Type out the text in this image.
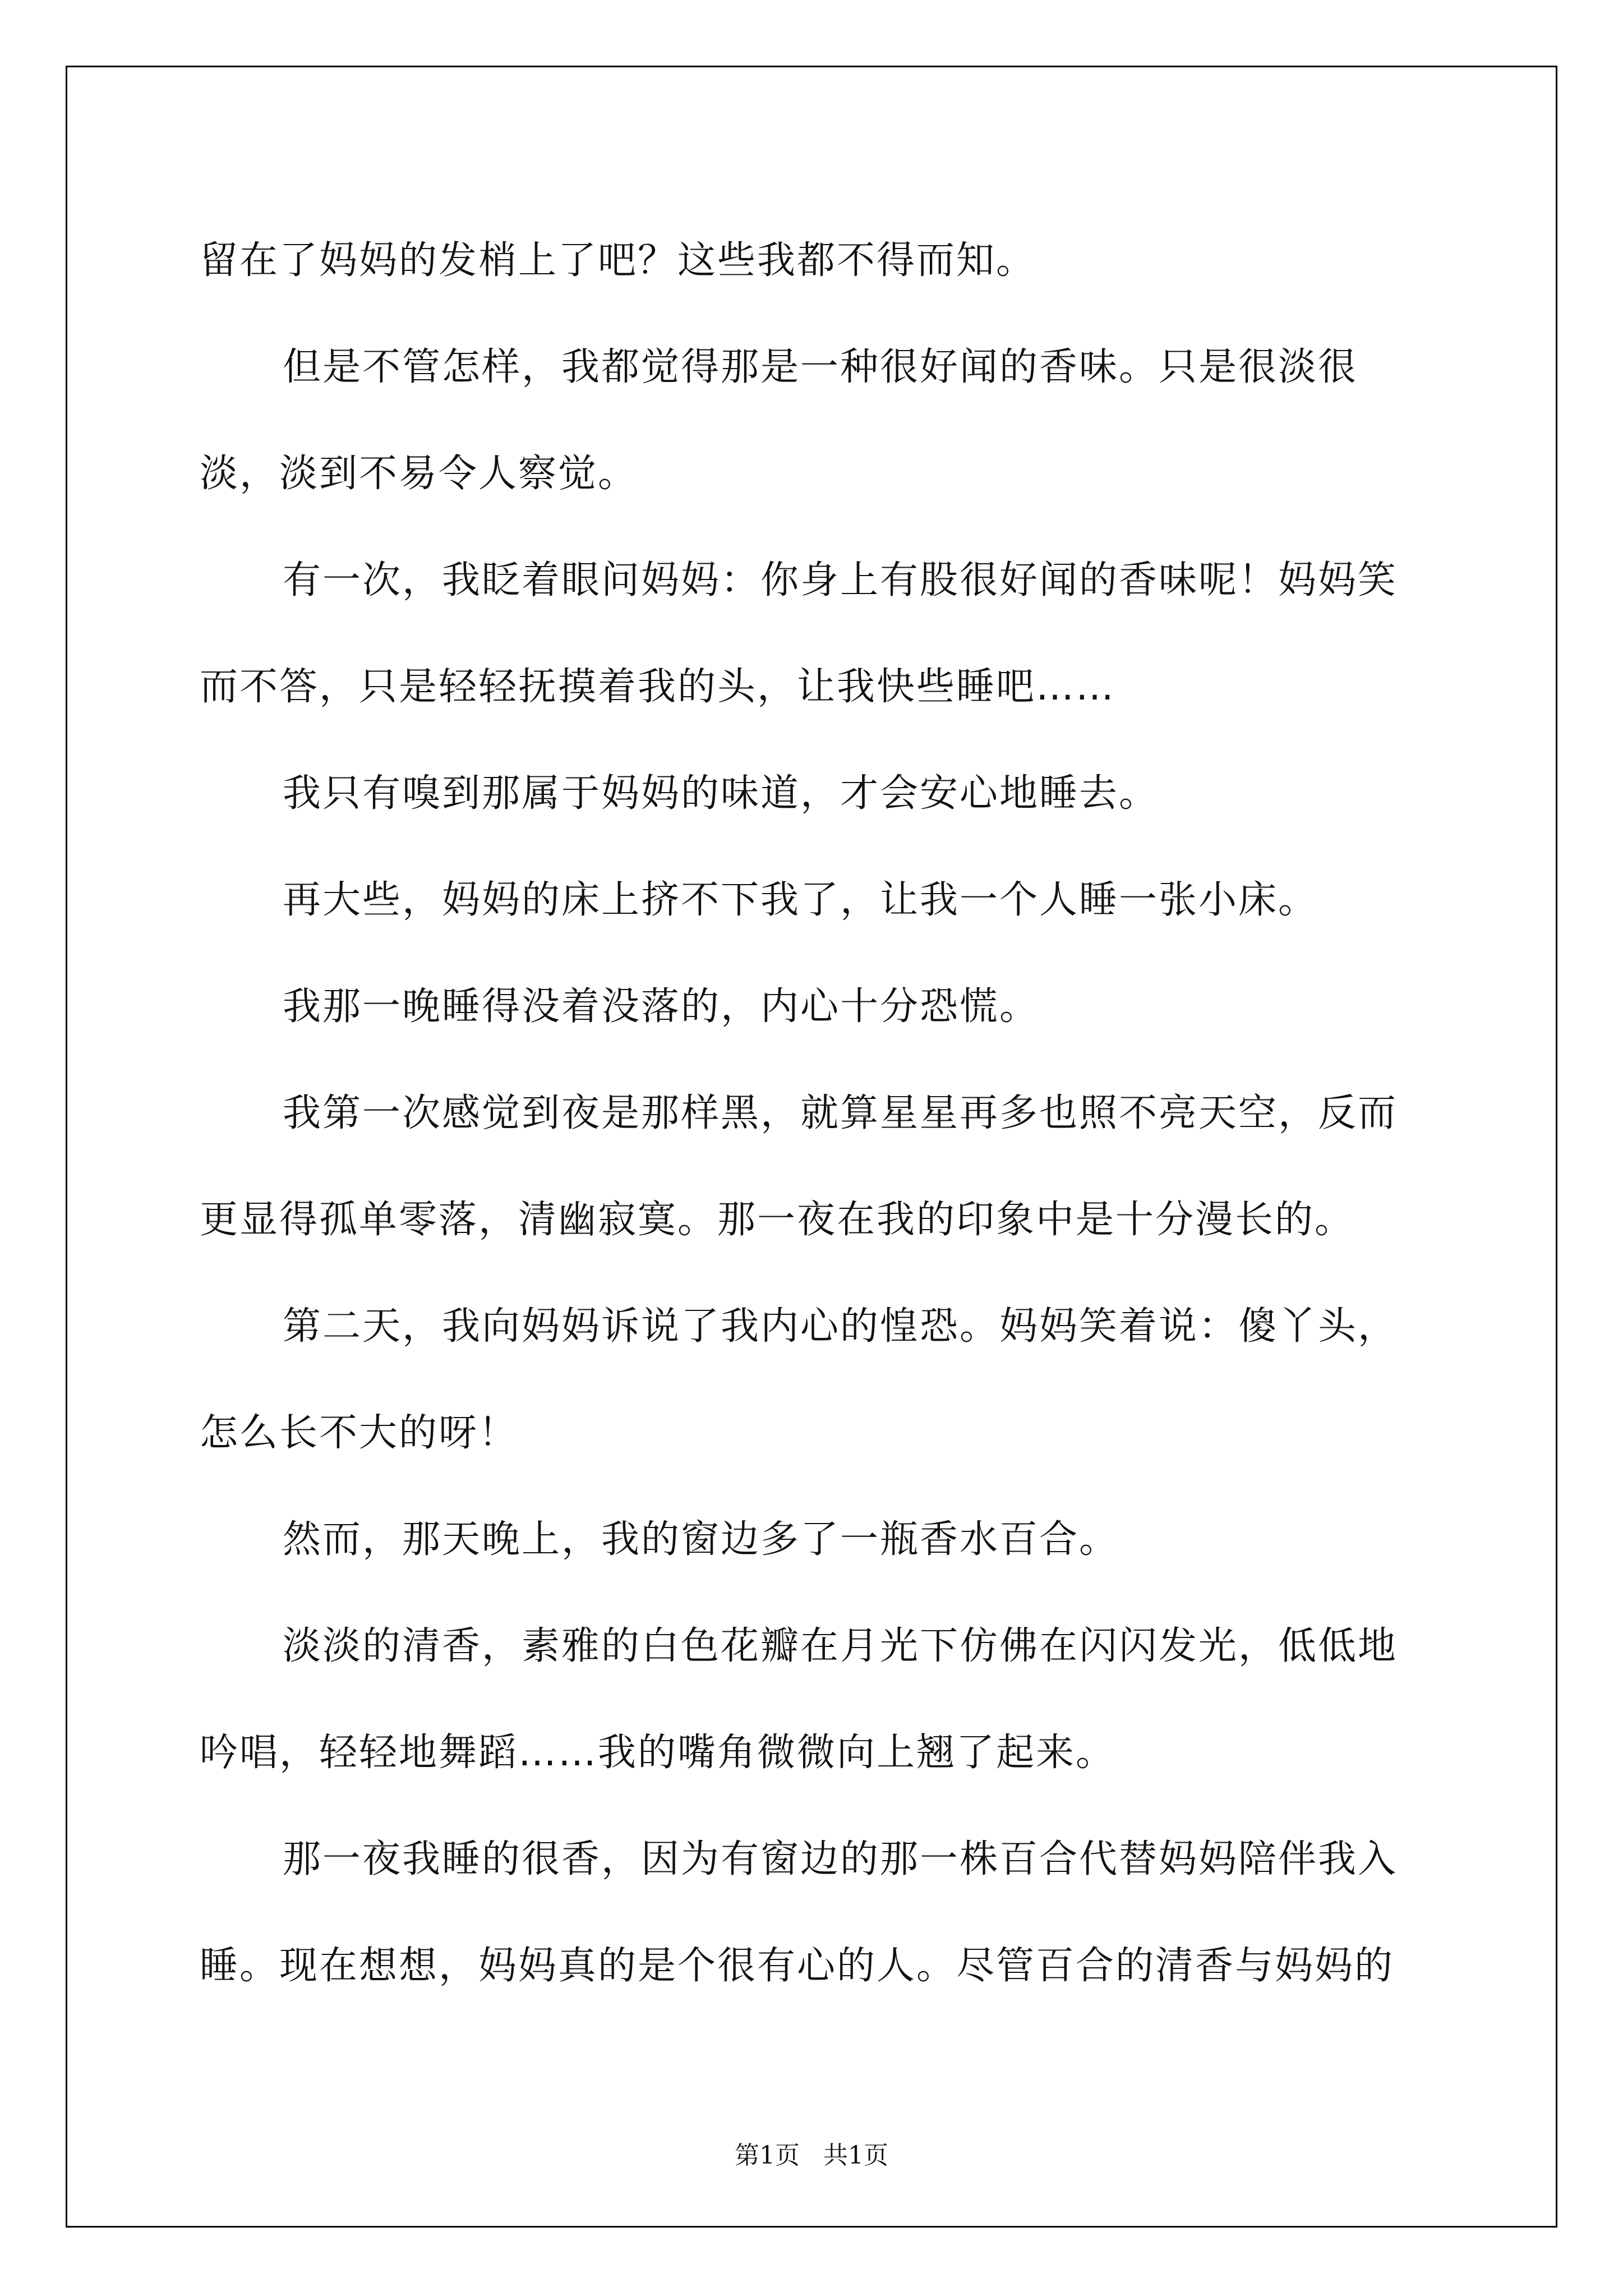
留在了妈妈的发梢上了吧？这些我都不得而知。

但是不管怎样，我都觉得那是一种很好闻的香味。只是很淡很淡，淡到不易令人察觉。

有一次，我眨着眼问妈妈：你身上有股很好闻的香味呢！妈妈笑而不答，只是轻轻抚摸着我的头，让我快些睡吧……

我只有嗅到那属于妈妈的味道，才会安心地睡去。

再大些，妈妈的床上挤不下我了，让我一个人睡一张小床。

我那一晚睡得没着没落的，内心十分恐慌。

我第一次感觉到夜是那样黑，就算星星再多也照不亮天空，反而更显得孤单零落，清幽寂寞。那一夜在我的印象中是十分漫长的。

第二天，我向妈妈诉说了我内心的惶恐。妈妈笑着说：傻丫头，怎么长不大的呀！

然而，那天晚上，我的窗边多了一瓶香水百合。

淡淡的清香，素雅的白色花瓣在月光下仿佛在闪闪发光，低低地吟唱，轻轻地舞蹈……我的嘴角微微向上翘了起来。

那一夜我睡的很香，因为有窗边的那一株百合代替妈妈陪伴我入睡。现在想想，妈妈真的是个很有心的人。尽管百合的清香与妈妈的

第1页 共1页
